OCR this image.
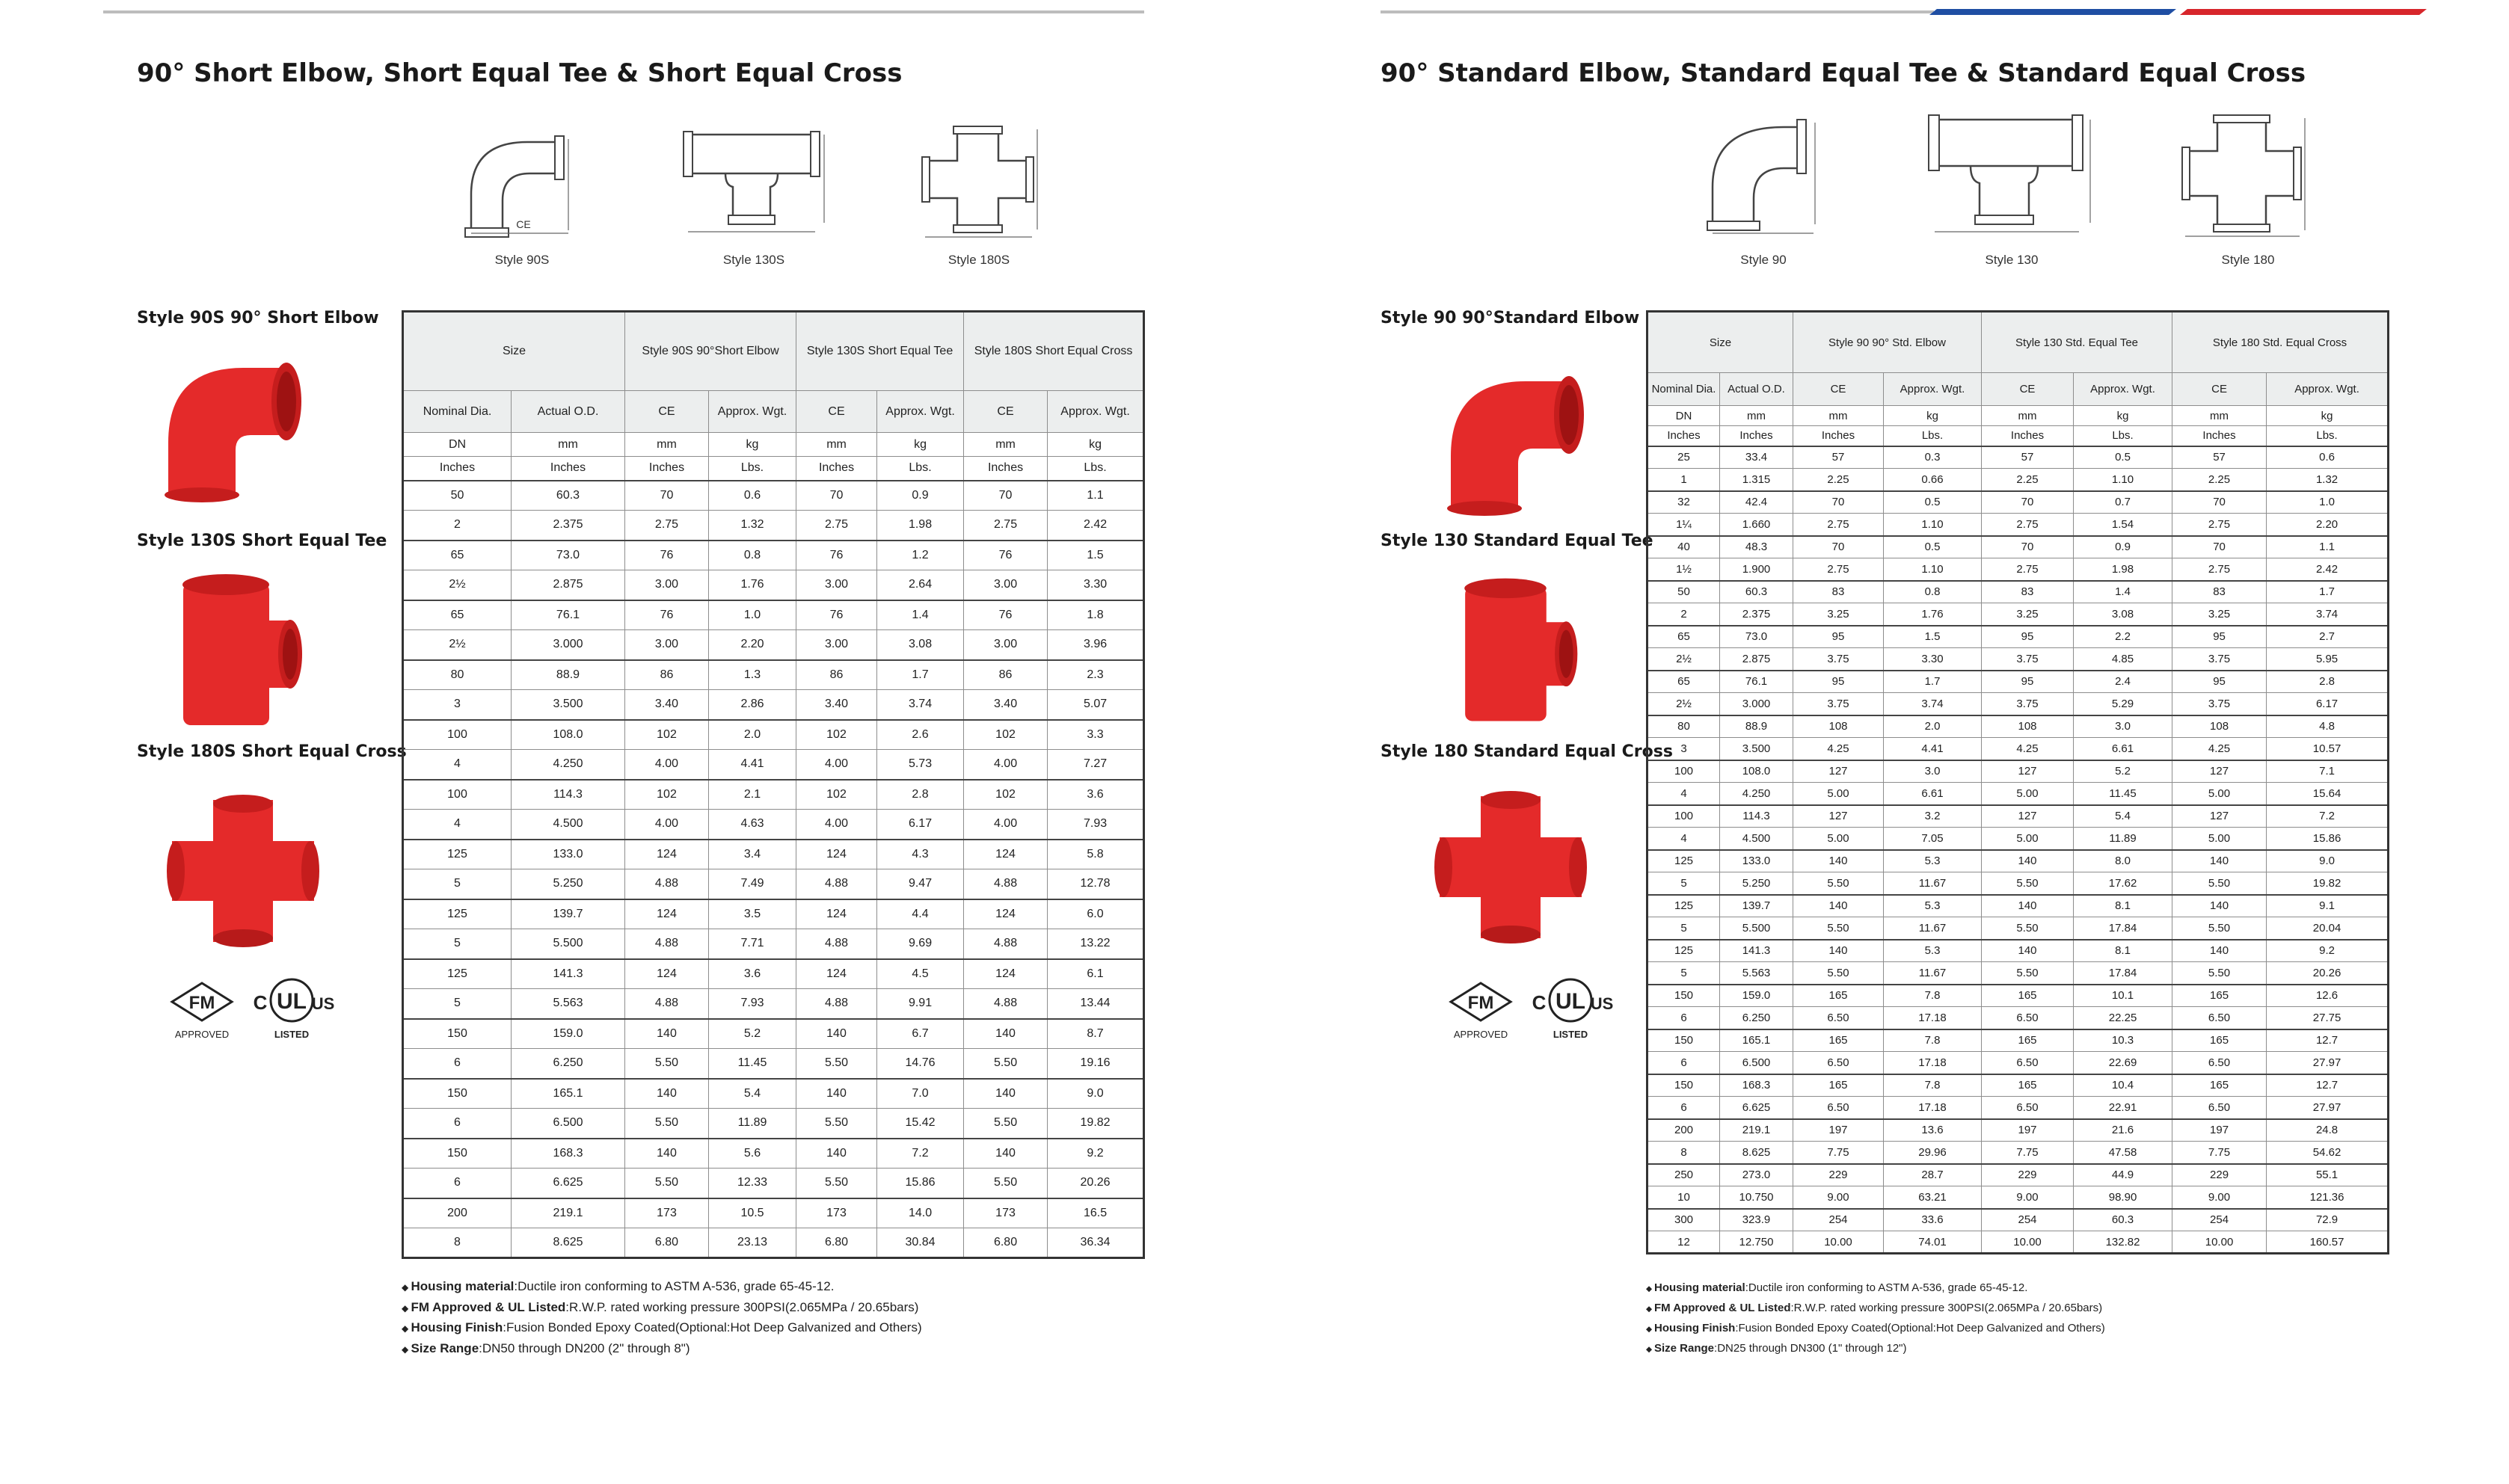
90° Short Elbow, Short Equal Tee & Short Equal Cross
CE
Style 90S	Style 130S	Style 180S
Style 90S 90° Short Elbow
Style 130S Short Equal Tee
Style 180S Short Equal Cross
FM
APPROVED
C UL US
LISTED
Size		Style 90S 90°Short Elbow		Style 130S Short Equal Tee		Style 180S Short Equal Cross	
Nominal Dia.	Actual O.D.	CE	Approx. Wgt.	CE	Approx. Wgt.	CE	Approx. Wgt.
DN	mm	mm	kg	mm	kg	mm	kg
Inches	Inches	Inches	Lbs.	Inches	Lbs.	Inches	Lbs.
50	60.3	70	0.6	70	0.9	70	1.1
2	2.375	2.75	1.32	2.75	1.98	2.75	2.42
65	73.0	76	0.8	76	1.2	76	1.5
2½	2.875	3.00	1.76	3.00	2.64	3.00	3.30
65	76.1	76	1.0	76	1.4	76	1.8
2½	3.000	3.00	2.20	3.00	3.08	3.00	3.96
80	88.9	86	1.3	86	1.7	86	2.3
3	3.500	3.40	2.86	3.40	3.74	3.40	5.07
100	108.0	102	2.0	102	2.6	102	3.3
4	4.250	4.00	4.41	4.00	5.73	4.00	7.27
100	114.3	102	2.1	102	2.8	102	3.6
4	4.500	4.00	4.63	4.00	6.17	4.00	7.93
125	133.0	124	3.4	124	4.3	124	5.8
5	5.250	4.88	7.49	4.88	9.47	4.88	12.78
125	139.7	124	3.5	124	4.4	124	6.0
5	5.500	4.88	7.71	4.88	9.69	4.88	13.22
125	141.3	124	3.6	124	4.5	124	6.1
5	5.563	4.88	7.93	4.88	9.91	4.88	13.44
150	159.0	140	5.2	140	6.7	140	8.7
6	6.250	5.50	11.45	5.50	14.76	5.50	19.16
150	165.1	140	5.4	140	7.0	140	9.0
6	6.500	5.50	11.89	5.50	15.42	5.50	19.82
150	168.3	140	5.6	140	7.2	140	9.2
6	6.625	5.50	12.33	5.50	15.86	5.50	20.26
200	219.1	173	10.5	173	14.0	173	16.5
8	8.625	6.80	23.13	6.80	30.84	6.80	36.34
◆ Housing material:Ductile iron conforming to ASTM A-536, grade 65-45-12.
◆ FM Approved & UL Listed:R.W.P. rated working pressure 300PSI(2.065MPa / 20.65bars)
◆ Housing Finish:Fusion Bonded Epoxy Coated(Optional:Hot Deep Galvanized and Others)
◆ Size Range:DN50 through DN200 (2" through 8")
90° Standard Elbow, Standard Equal Tee & Standard Equal Cross
Style 90	Style 130	Style 180
Style 90 90°Standard Elbow
Style 130 Standard Equal Tee
Style 180 Standard Equal Cross
FM
APPROVED
C UL US
LISTED
Size		Style 90 90° Std. Elbow		Style 130 Std. Equal Tee		Style 180 Std. Equal Cross	
Nominal Dia.	Actual O.D.	CE	Approx. Wgt.	CE	Approx. Wgt.	CE	Approx. Wgt.
DN	mm	mm	kg	mm	kg	mm	kg
Inches	Inches	Inches	Lbs.	Inches	Lbs.	Inches	Lbs.
25	33.4	57	0.3	57	0.5	57	0.6
1	1.315	2.25	0.66	2.25	1.10	2.25	1.32
32	42.4	70	0.5	70	0.7	70	1.0
1¼	1.660	2.75	1.10	2.75	1.54	2.75	2.20
40	48.3	70	0.5	70	0.9	70	1.1
1½	1.900	2.75	1.10	2.75	1.98	2.75	2.42
50	60.3	83	0.8	83	1.4	83	1.7
2	2.375	3.25	1.76	3.25	3.08	3.25	3.74
65	73.0	95	1.5	95	2.2	95	2.7
2½	2.875	3.75	3.30	3.75	4.85	3.75	5.95
65	76.1	95	1.7	95	2.4	95	2.8
2½	3.000	3.75	3.74	3.75	5.29	3.75	6.17
80	88.9	108	2.0	108	3.0	108	4.8
3	3.500	4.25	4.41	4.25	6.61	4.25	10.57
100	108.0	127	3.0	127	5.2	127	7.1
4	4.250	5.00	6.61	5.00	11.45	5.00	15.64
100	114.3	127	3.2	127	5.4	127	7.2
4	4.500	5.00	7.05	5.00	11.89	5.00	15.86
125	133.0	140	5.3	140	8.0	140	9.0
5	5.250	5.50	11.67	5.50	17.62	5.50	19.82
125	139.7	140	5.3	140	8.1	140	9.1
5	5.500	5.50	11.67	5.50	17.84	5.50	20.04
125	141.3	140	5.3	140	8.1	140	9.2
5	5.563	5.50	11.67	5.50	17.84	5.50	20.26
150	159.0	165	7.8	165	10.1	165	12.6
6	6.250	6.50	17.18	6.50	22.25	6.50	27.75
150	165.1	165	7.8	165	10.3	165	12.7
6	6.500	6.50	17.18	6.50	22.69	6.50	27.97
150	168.3	165	7.8	165	10.4	165	12.7
6	6.625	6.50	17.18	6.50	22.91	6.50	27.97
200	219.1	197	13.6	197	21.6	197	24.8
8	8.625	7.75	29.96	7.75	47.58	7.75	54.62
250	273.0	229	28.7	229	44.9	229	55.1
10	10.750	9.00	63.21	9.00	98.90	9.00	121.36
300	323.9	254	33.6	254	60.3	254	72.9
12	12.750	10.00	74.01	10.00	132.82	10.00	160.57
◆ Housing material:Ductile iron conforming to ASTM A-536, grade 65-45-12.
◆ FM Approved & UL Listed:R.W.P. rated working pressure 300PSI(2.065MPa / 20.65bars)
◆ Housing Finish:Fusion Bonded Epoxy Coated(Optional:Hot Deep Galvanized and Others)
◆ Size Range:DN25 through DN300 (1" through 12")
